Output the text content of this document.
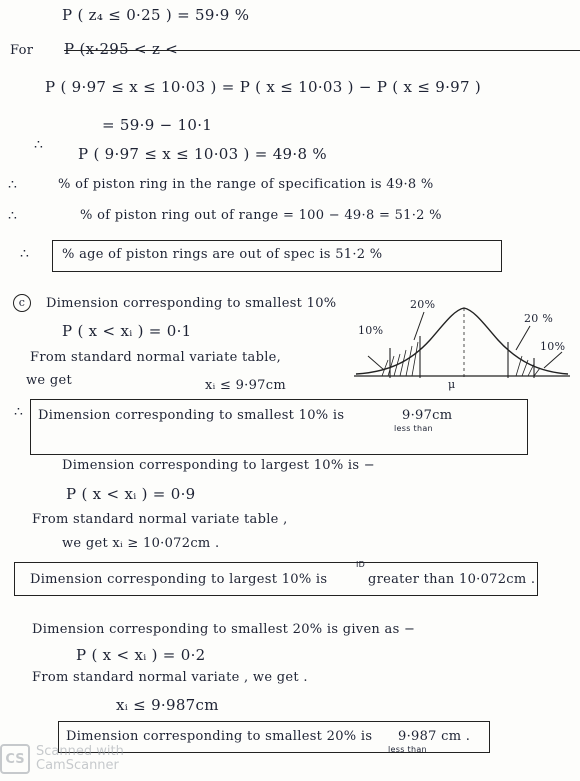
P ( z₄ ≤ 0·25 ) = 59·9 %
For P (x·295 < z <
P ( 9·97 ≤ x ≤ 10·03 ) = P ( x ≤ 10·03 ) − P ( x ≤ 9·97 )
= 59·9 − 10·1
∴ P ( 9·97 ≤ x ≤ 10·03 ) = 49·8 %
∴	% of piston ring in the range of specification is 49·8 %
∴	% of piston ring out of range = 100 − 49·8 = 51·2 %
∴	% age of piston rings are out of spec is 51·2 %
c	Dimension corresponding to smallest 10%
P ( x < xᵢ ) = 0·1
From standard normal variate table,
we get	xᵢ ≤ 9·97cm
10%
20%
20 %
10%
μ
∴ Dimension corresponding to smallest 10% is	9·97cm
less than
Dimension corresponding to largest 10% is −
P ( x < xᵢ ) = 0·9
From standard normal variate table ,
we get xᵢ ≥ 10·072cm .
Dimension corresponding to largest 10% is	greater than 10·072cm .
ID
Dimension corresponding to smallest 20% is given as −
P ( x < xᵢ ) = 0·2
From standard normal variate , we get .
xᵢ ≤ 9·987cm
Dimension corresponding to smallest 20% is 9·987 cm .
less than
CS Scanned with
CamScanner
